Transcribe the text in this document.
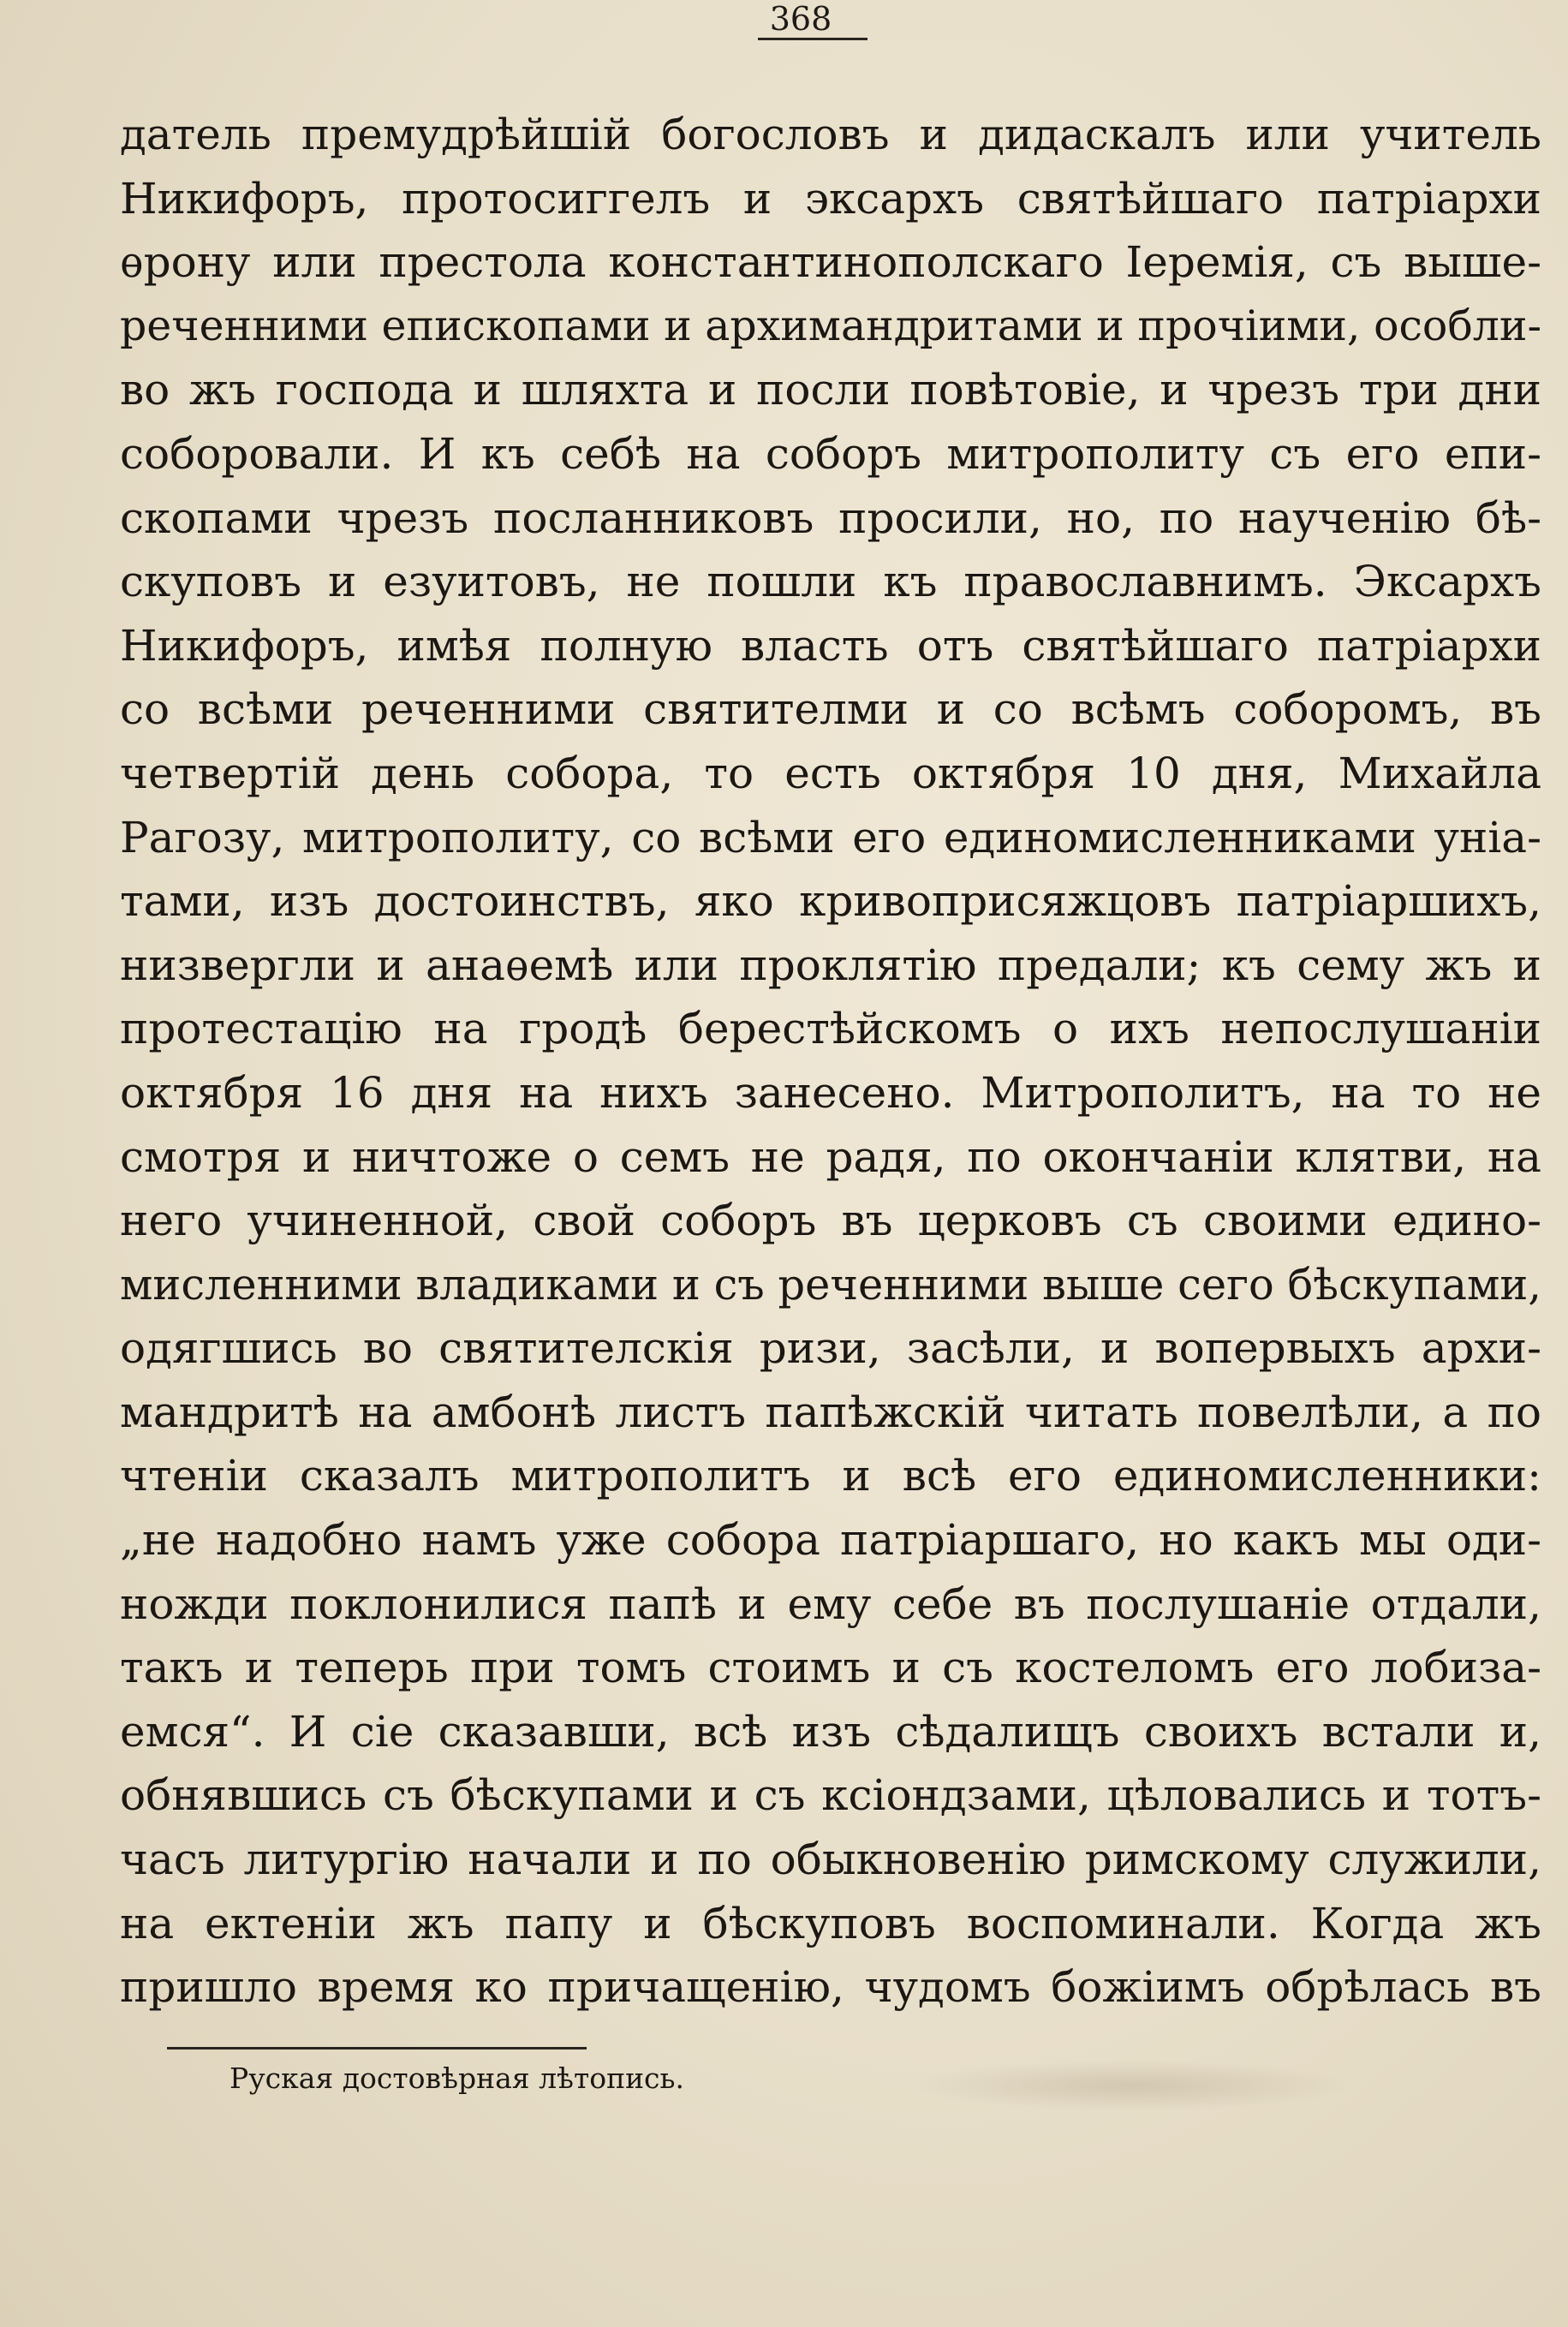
368
датель премудрѣйшій богословъ и дидаскалъ или учитель
Никифоръ, протосиггелъ и эксархъ святѣйшаго патріархи
ѳрону или престола константинополскаго Іеремія, съ выше-
реченними епископами и архимандритами и прочіими, особли-
во жъ господа и шляхта и посли повѣтовіе, и чрезъ три дни
соборовали. И къ себѣ на соборъ митрополиту съ его епи-
скопами чрезъ посланниковъ просили, но, по наученію бѣ-
скуповъ и езуитовъ, не пошли къ православнимъ. Эксархъ
Никифоръ, имѣя полную власть отъ святѣйшаго патріархи
со всѣми реченними святителми и со всѣмъ соборомъ, въ
четвертій день собора, то есть октября 10 дня, Михайла
Рагозу, митрополиту, со всѣми его единомисленниками уніа-
тами, изъ достоинствъ, яко кривоприсяжцовъ патріаршихъ,
низвергли и анаѳемѣ или проклятію предали; къ сему жъ и
протестацію на гродѣ берестѣйскомъ о ихъ непослушаніи
октября 16 дня на нихъ занесено. Митрополитъ, на то не
смотря и ничтоже о семъ не радя, по окончаніи клятви, на
него учиненной, свой соборъ въ церковъ съ своими едино-
мисленними владиками и съ реченними выше сего бѣскупами,
одягшись во святителскія ризи, засѣли, и вопервыхъ архи-
мандритѣ на амбонѣ листъ папѣжскій читать повелѣли, а по
чтеніи сказалъ митрополитъ и всѣ его единомисленники:
„не надобно намъ уже собора патріаршаго, но какъ мы оди-
ножди поклонилися папѣ и ему себе въ послушаніе отдали,
такъ и теперь при томъ стоимъ и съ костеломъ его лобиза-
емся“. И сіе сказавши, всѣ изъ сѣдалищъ своихъ встали и,
обнявшись съ бѣскупами и съ ксіондзами, цѣловались и тотъ-
часъ литургію начали и по обыкновенію римскому служили,
на ектеніи жъ папу и бѣскуповъ воспоминали. Когда жъ
пришло время ко причащенію, чудомъ божіимъ обрѣлась въ
Руская достовѣрная лѣтопись.
